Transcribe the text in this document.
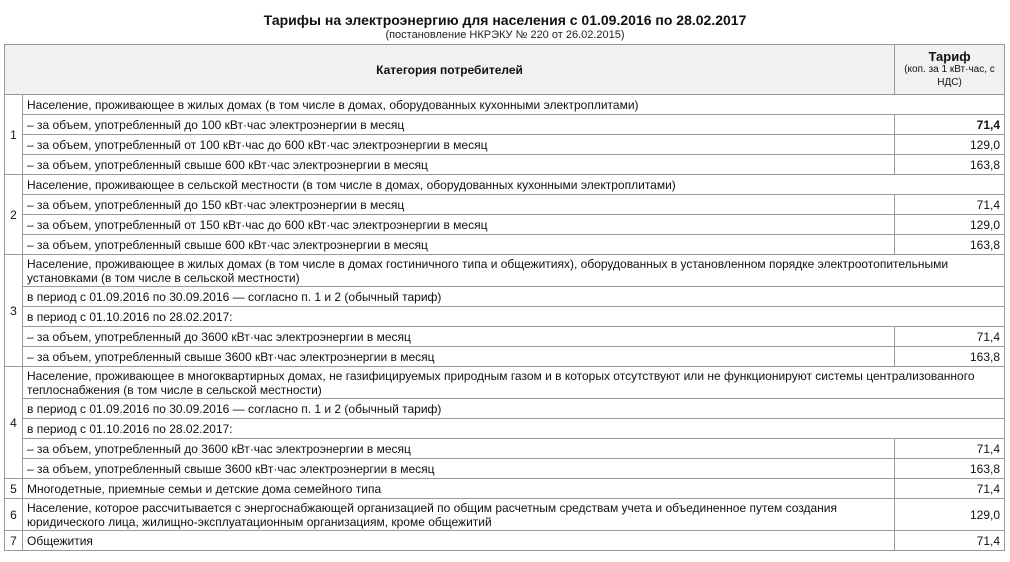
Тарифы на электроэнергию для населения с 01.09.2016 по 28.02.2017
(постановление НКРЭКУ № 220 от 26.02.2015)
Категория потребителей		Тариф
(коп. за 1 кВт·час, с НДС)

1	Население, проживающее в жилых домах (в том числе в домах, оборудованных кухонными электроплитами)	
	– за объем, употребленный до 100 кВт·час электроэнергии в месяц	71,4
	– за объем, употребленный от 100 кВт·час до 600 кВт·час электроэнергии в месяц	129,0
	– за объем, употребленный свыше 600 кВт·час электроэнергии в месяц	163,8
2	Население, проживающее в сельской местности (в том числе в домах, оборудованных кухонными электроплитами)	
	– за объем, употребленный до 150 кВт·час электроэнергии в месяц	71,4
	– за объем, употребленный от 150 кВт·час до 600 кВт·час электроэнергии в месяц	129,0
	– за объем, употребленный свыше 600 кВт·час электроэнергии в месяц	163,8
3	Население, проживающее в жилых домах (в том числе в домах гостиничного типа и общежитиях), оборудованных в установленном порядке электроотопительными установками (в том числе в сельской местности)	
	в период с 01.09.2016 по 30.09.2016 — согласно п. 1 и 2 (обычный тариф)	
	в период с 01.10.2016 по 28.02.2017:	
	– за объем, употребленный до 3600 кВт·час электроэнергии в месяц	71,4
	– за объем, употребленный свыше 3600 кВт·час электроэнергии в месяц	163,8
4	Население, проживающее в многоквартирных домах, не газифицируемых природным газом и в которых отсутствуют или не функционируют системы централизованного теплоснабжения (в том числе в сельской местности)	
	в период с 01.09.2016 по 30.09.2016 — согласно п. 1 и 2 (обычный тариф)	
	в период с 01.10.2016 по 28.02.2017:	
	– за объем, употребленный до 3600 кВт·час электроэнергии в месяц	71,4
	– за объем, употребленный свыше 3600 кВт·час электроэнергии в месяц	163,8
5	Многодетные, приемные семьи и детские дома семейного типа	71,4
6	Население, которое рассчитывается с энергоснабжающей организацией по общим расчетным средствам учета и объединенное путем создания юридического лица, жилищно-эксплуатационным организациям, кроме общежитий	129,0
7	Общежития	71,4
